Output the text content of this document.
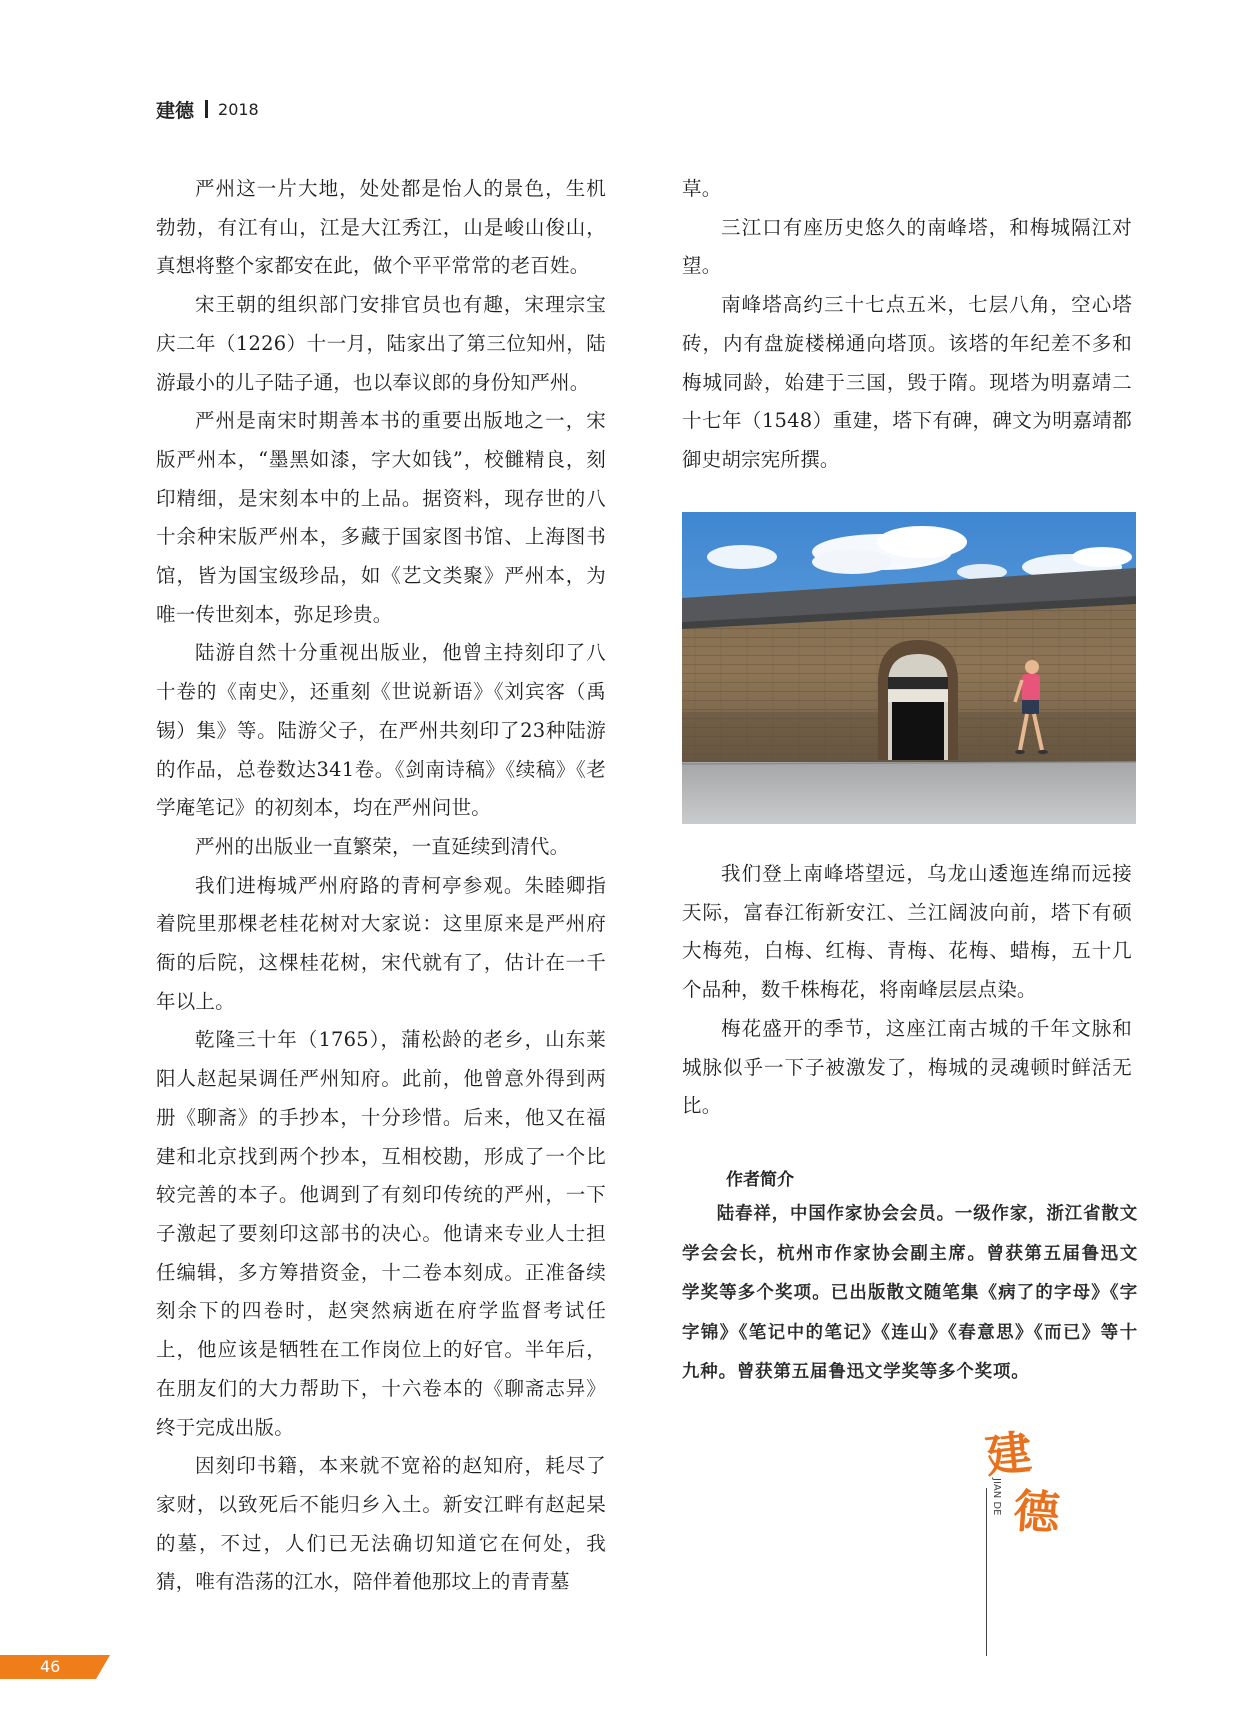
建德 2018

严州这一片大地，处处都是怡人的景色，生机勃勃，有江有山，江是大江秀江，山是峻山俊山，真想将整个家都安在此，做个平平常常的老百姓。

宋王朝的组织部门安排官员也有趣，宋理宗宝庆二年（1226）十一月，陆家出了第三位知州，陆游最小的儿子陆子通，也以奉议郎的身份知严州。

严州是南宋时期善本书的重要出版地之一，宋版严州本，“墨黑如漆，字大如钱”，校雠精良，刻印精细，是宋刻本中的上品。据资料，现存世的八十余种宋版严州本，多藏于国家图书馆、上海图书馆，皆为国宝级珍品，如《艺文类聚》严州本，为唯一传世刻本，弥足珍贵。

陆游自然十分重视出版业，他曾主持刻印了八十卷的《南史》，还重刻《世说新语》《刘宾客（禹锡）集》等。陆游父子，在严州共刻印了23种陆游的作品，总卷数达341卷。《剑南诗稿》《续稿》《老学庵笔记》的初刻本，均在严州问世。

严州的出版业一直繁荣，一直延续到清代。

我们进梅城严州府路的青柯亭参观。朱睦卿指着院里那棵老桂花树对大家说：这里原来是严州府衙的后院，这棵桂花树，宋代就有了，估计在一千年以上。

乾隆三十年（1765），蒲松龄的老乡，山东莱阳人赵起杲调任严州知府。此前，他曾意外得到两册《聊斋》的手抄本，十分珍惜。后来，他又在福建和北京找到两个抄本，互相校勘，形成了一个比较完善的本子。他调到了有刻印传统的严州，一下子激起了要刻印这部书的决心。他请来专业人士担任编辑，多方筹措资金，十二卷本刻成。正准备续刻余下的四卷时，赵突然病逝在府学监督考试任上，他应该是牺牲在工作岗位上的好官。半年后，在朋友们的大力帮助下，十六卷本的《聊斋志异》终于完成出版。

因刻印书籍，本来就不宽裕的赵知府，耗尽了家财，以致死后不能归乡入土。新安江畔有赵起杲的墓，不过，人们已无法确切知道它在何处，我猜，唯有浩荡的江水，陪伴着他那坟上的青青墓

草。

三江口有座历史悠久的南峰塔，和梅城隔江对望。

南峰塔高约三十七点五米，七层八角，空心塔砖，内有盘旋楼梯通向塔顶。该塔的年纪差不多和梅城同龄，始建于三国，毁于隋。现塔为明嘉靖二十七年（1548）重建，塔下有碑，碑文为明嘉靖都御史胡宗宪所撰。

我们登上南峰塔望远，乌龙山逶迤连绵而远接天际，富春江衔新安江、兰江阔波向前，塔下有硕大梅苑，白梅、红梅、青梅、花梅、蜡梅，五十几个品种，数千株梅花，将南峰层层点染。

梅花盛开的季节，这座江南古城的千年文脉和城脉似乎一下子被激发了，梅城的灵魂顿时鲜活无比。

作者简介

陆春祥，中国作家协会会员。一级作家，浙江省散文学会会长，杭州市作家协会副主席。曾获第五届鲁迅文学奖等多个奖项。已出版散文随笔集《病了的字母》《字字锦》《笔记中的笔记》《连山》《春意思》《而已》等十九种。曾获第五届鲁迅文学奖等多个奖项。

建
德
JIAN DE
46
